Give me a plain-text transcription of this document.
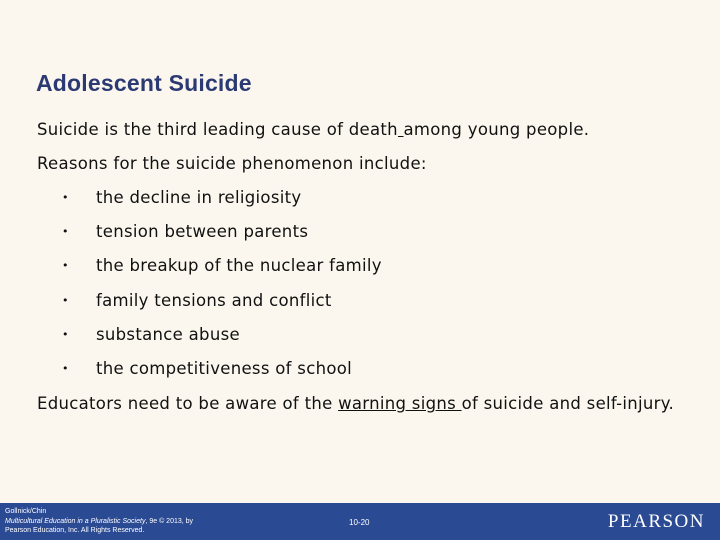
Adolescent Suicide
Suicide is the third leading cause of death among young people.
Reasons for the suicide phenomenon include:
•	the decline in religiosity
•	tension between parents
•	the breakup of the nuclear family
•	family tensions and conflict
•	substance abuse
•	the competitiveness of school
Educators need to be aware of the warning signs of suicide and self-injury.
Gollnick/Chin
Multicultural Education in a Pluralistic Society, 9e © 2013, by
Pearson Education, Inc. All Rights Reserved.
10-20	PEARSON
